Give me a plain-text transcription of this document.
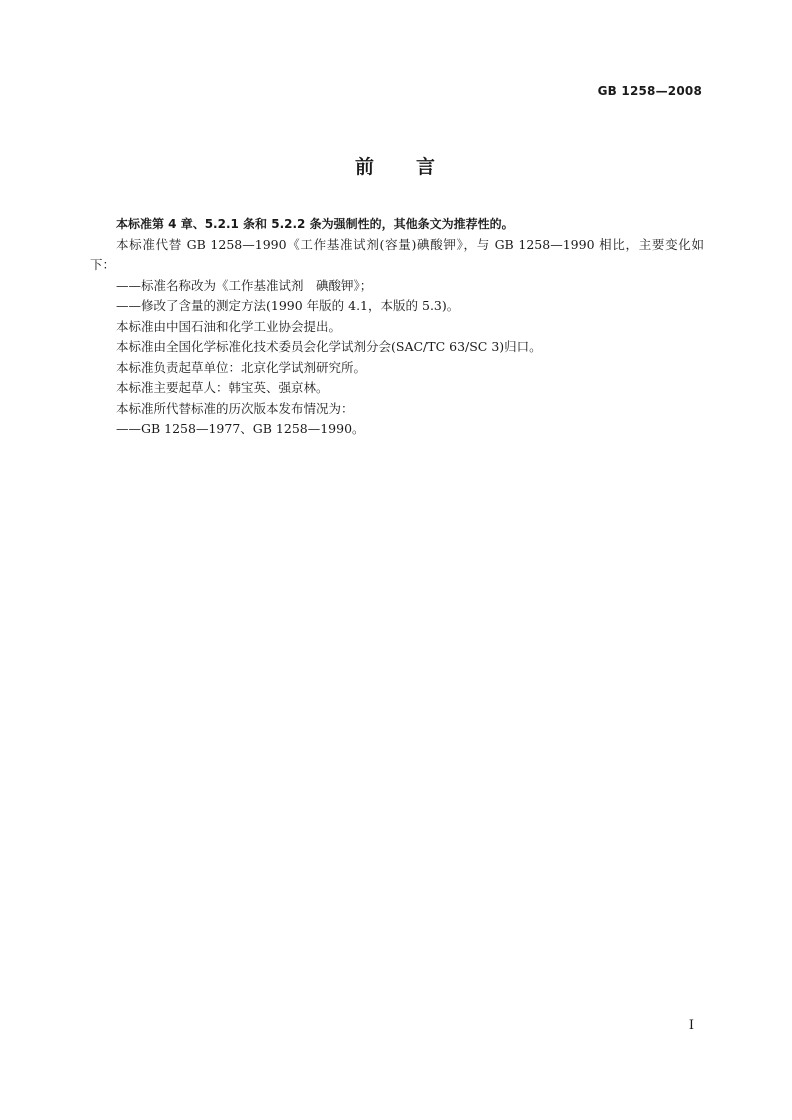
GB 1258—2008
前 言

本标准第 4 章、5.2.1 条和 5.2.2 条为强制性的，其他条文为推荐性的。

本标准代替 GB 1258—1990《工作基准试剂(容量)碘酸钾》，与 GB 1258—1990 相比，主要变化如下：

——标准名称改为《工作基准试剂　碘酸钾》；

——修改了含量的测定方法(1990 年版的 4.1，本版的 5.3)。

本标准由中国石油和化学工业协会提出。

本标准由全国化学标准化技术委员会化学试剂分会(SAC/TC 63/SC 3)归口。

本标准负责起草单位：北京化学试剂研究所。

本标准主要起草人：韩宝英、强京林。

本标准所代替标准的历次版本发布情况为：

——GB 1258—1977、GB 1258—1990。

I
